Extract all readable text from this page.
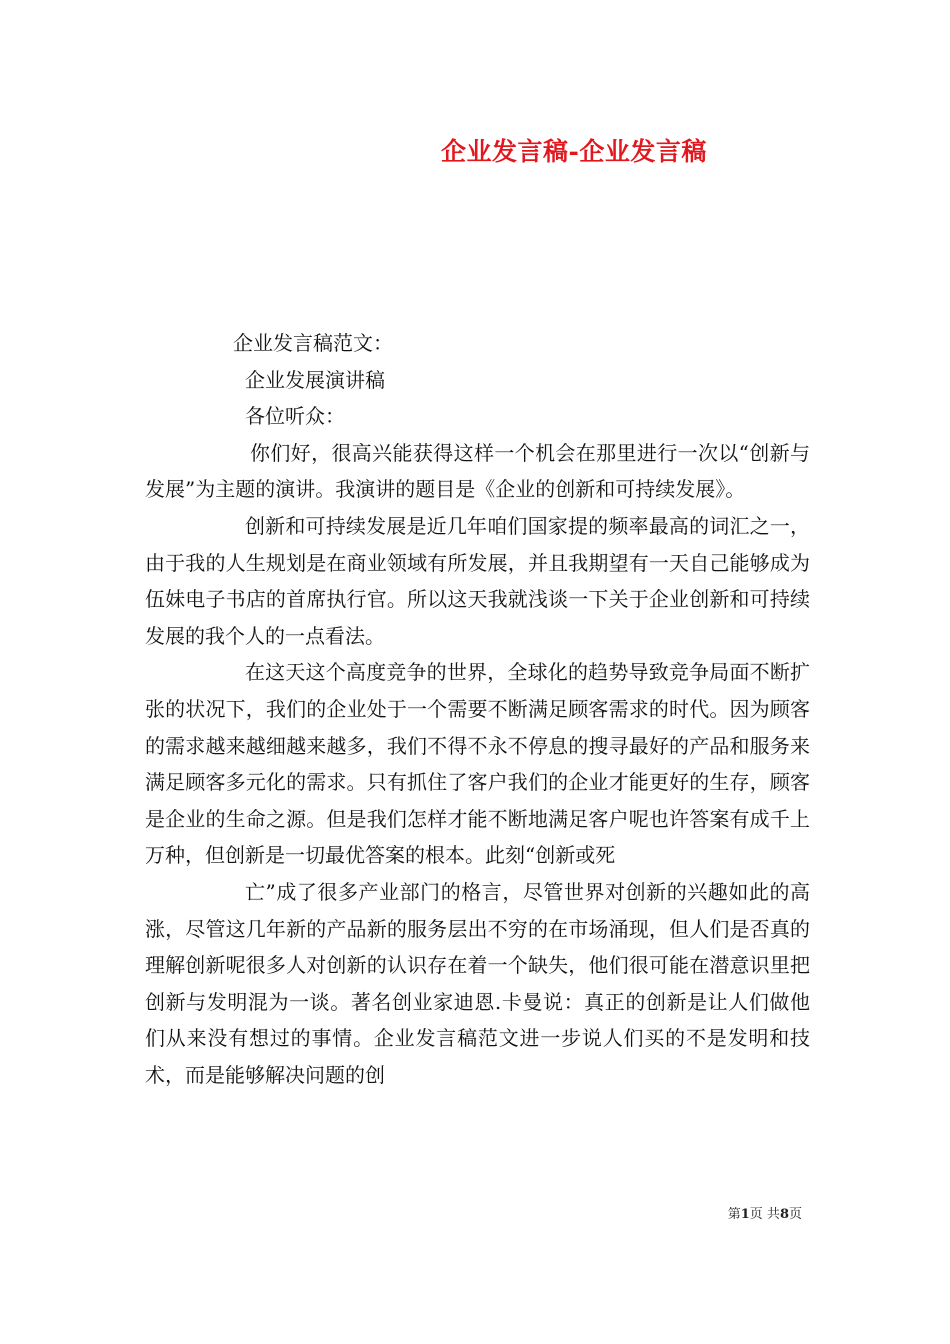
企业发言稿-企业发言稿
企业发言稿范文：
企业发展演讲稿
各位听众：
你们好，很高兴能获得这样一个机会在那里进行一次以“创新与发展”为主题的演讲。我演讲的题目是《企业的创新和可持续发展》。
创新和可持续发展是近几年咱们国家提的频率最高的词汇之一，由于我的人生规划是在商业领域有所发展，并且我期望有一天自己能够成为伍妹电子书店的首席执行官。所以这天我就浅谈一下关于企业创新和可持续发展的我个人的一点看法。
在这天这个高度竞争的世界，全球化的趋势导致竞争局面不断扩张的状况下，我们的企业处于一个需要不断满足顾客需求的时代。因为顾客的需求越来越细越来越多，我们不得不永不停息的搜寻最好的产品和服务来满足顾客多元化的需求。只有抓住了客户我们的企业才能更好的生存，顾客是企业的生命之源。但是我们怎样才能不断地满足客户呢也许答案有成千上万种，但创新是一切最优答案的根本。此刻“创新或死
亡”成了很多产业部门的格言，尽管世界对创新的兴趣如此的高涨，尽管这几年新的产品新的服务层出不穷的在市场涌现，但人们是否真的理解创新呢很多人对创新的认识存在着一个缺失，他们很可能在潜意识里把创新与发明混为一谈。著名创业家迪恩.卡曼说：真正的创新是让人们做他们从来没有想过的事情。企业发言稿范文进一步说人们买的不是发明和技术，而是能够解决问题的创
第1页 共8页
